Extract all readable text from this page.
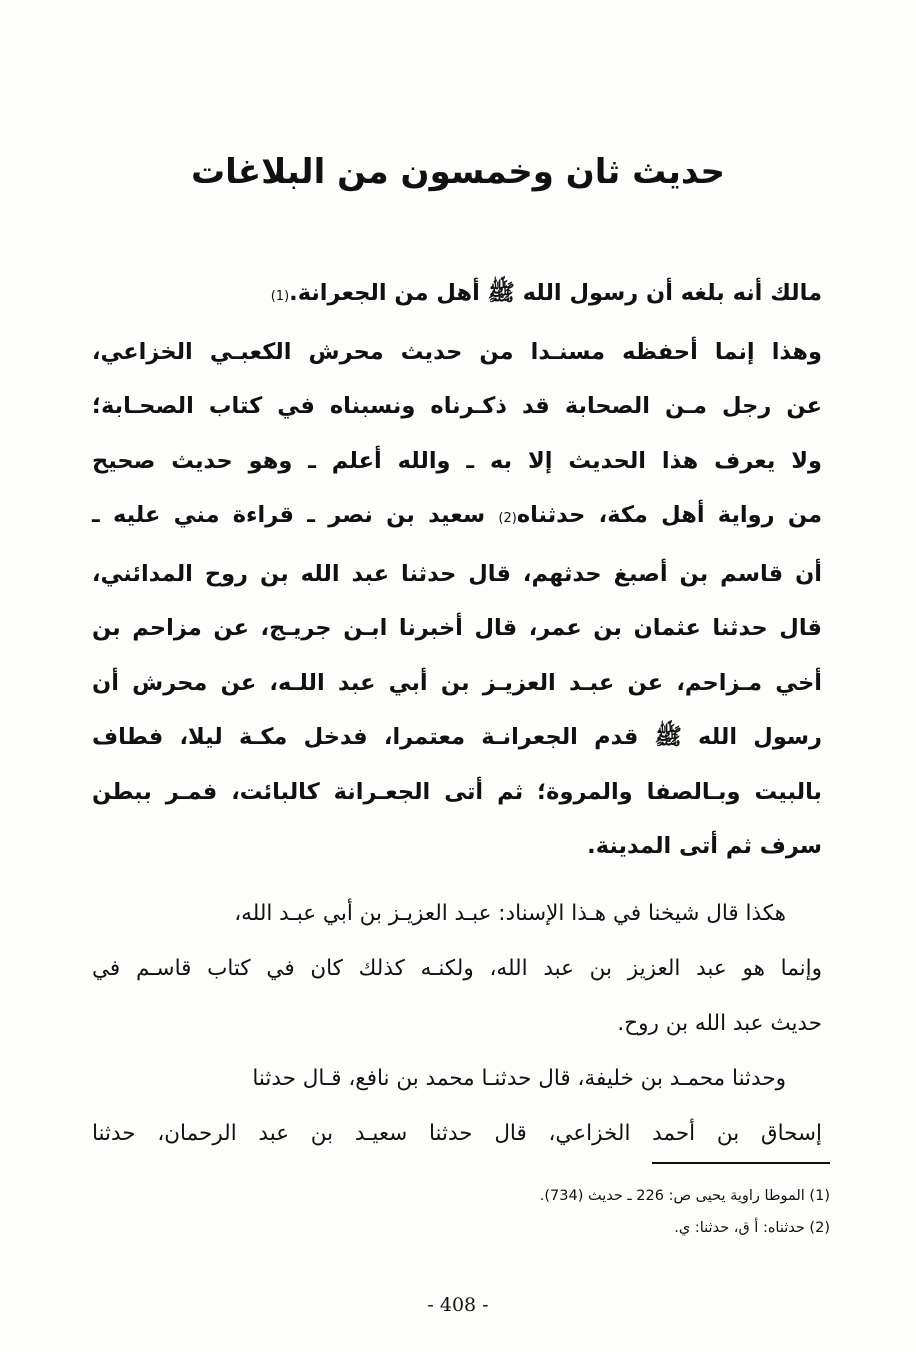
حديث ثان وخمسون من البلاغات
مالك أنه بلغه أن رسول الله ﷺ أهل من الجعرانة.(1)
وهذا إنما أحفظه مسنـدا من حديث محرش الكعبـي الخزاعي،
عن رجل مـن الصحابة قد ذكـرناه ونسبناه في كتاب الصحـابة؛
ولا يعرف هذا الحديث إلا به ـ والله أعلم ـ وهو حديث صحيح
من رواية أهل مكة، حدثناه(2) سعيد بن نصر ـ قراءة مني عليه ـ
أن قاسم بن أصبغ حدثهم، قال حدثنا عبد الله بن روح المدائني،
قال حدثنا عثمان بن عمر، قال أخبرنا ابـن جريـج، عن مزاحم بن
أخي مـزاحم، عن عبـد العزيـز بن أبي عبد اللـه، عن محرش أن
رسول الله ﷺ قدم الجعرانـة معتمرا، فدخل مكـة ليلا، فطاف
بالبيت وبـالصفا والمروة؛ ثم أتى الجعـرانة كالبائت، فمـر ببطن
سرف ثم أتى المدينة.
هكذا قال شيخنا في هـذا الإسناد: عبـد العزيـز بن أبي عبـد الله،
وإنما هو عبد العزيز بن عبد الله، ولكنـه كذلك كان في كتاب قاسـم في
حديث عبد الله بن روح.
وحدثنا محمـد بن خليفة، قال حدثنـا محمد بن نافع، قـال حدثنا
إسحاق بن أحمد الخزاعي، قال حدثنا سعيـد بن عبد الرحمان، حدثنا
(1) الموطا راوية يحيى ص: 226 ـ حديث (734).
(2) حدثناه: أ ق، حدثنا: ي.
- 408 -
